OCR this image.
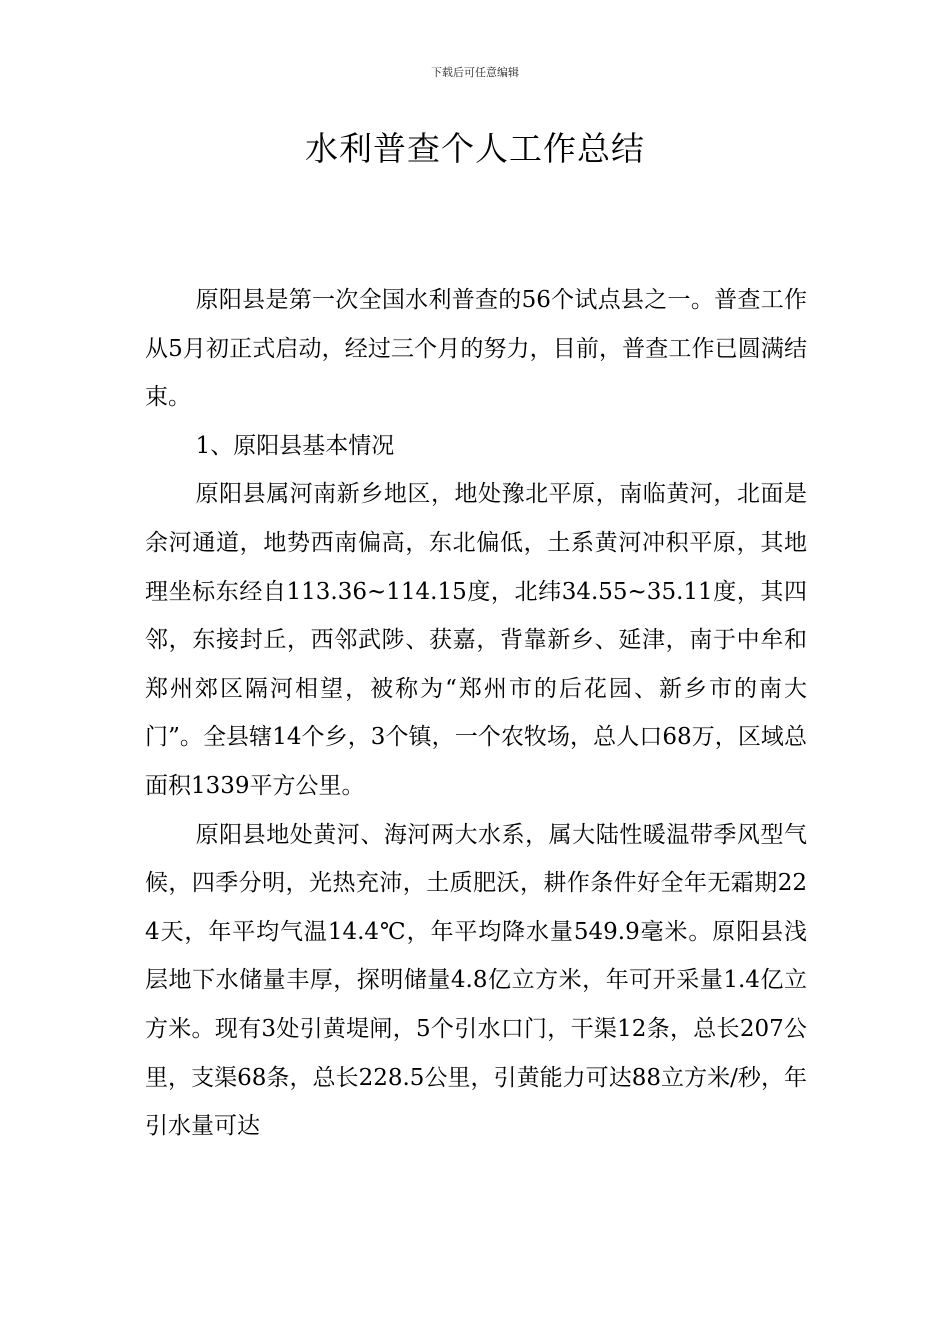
下载后可任意编辑
水利普查个人工作总结

原阳县是第一次全国水利普查的56个试点县之一。普查工作从5月初正式启动，经过三个月的努力，目前，普查工作已圆满结束。

1、原阳县基本情况

原阳县属河南新乡地区，地处豫北平原，南临黄河，北面是余河通道，地势西南偏高，东北偏低，土系黄河冲积平原，其地理坐标东经自113.36~114.15度，北纬34.55~35.11度，其四邻，东接封丘，西邻武陟、获嘉，背靠新乡、延津，南于中牟和郑州郊区隔河相望，被称为“郑州市的后花园、新乡市的南大门”。全县辖14个乡，3个镇，一个农牧场，总人口68万，区域总面积1339平方公里。

原阳县地处黄河、海河两大水系，属大陆性暖温带季风型气候，四季分明，光热充沛，土质肥沃，耕作条件好全年无霜期224天，年平均气温14.4℃，年平均降水量549.9毫米。原阳县浅层地下水储量丰厚，探明储量4.8亿立方米，年可开采量1.4亿立方米。现有3处引黄堤闸，5个引水口门，干渠12条，总长207公里，支渠68条，总长228.5公里，引黄能力可达88立方米/秒，年引水量可达
